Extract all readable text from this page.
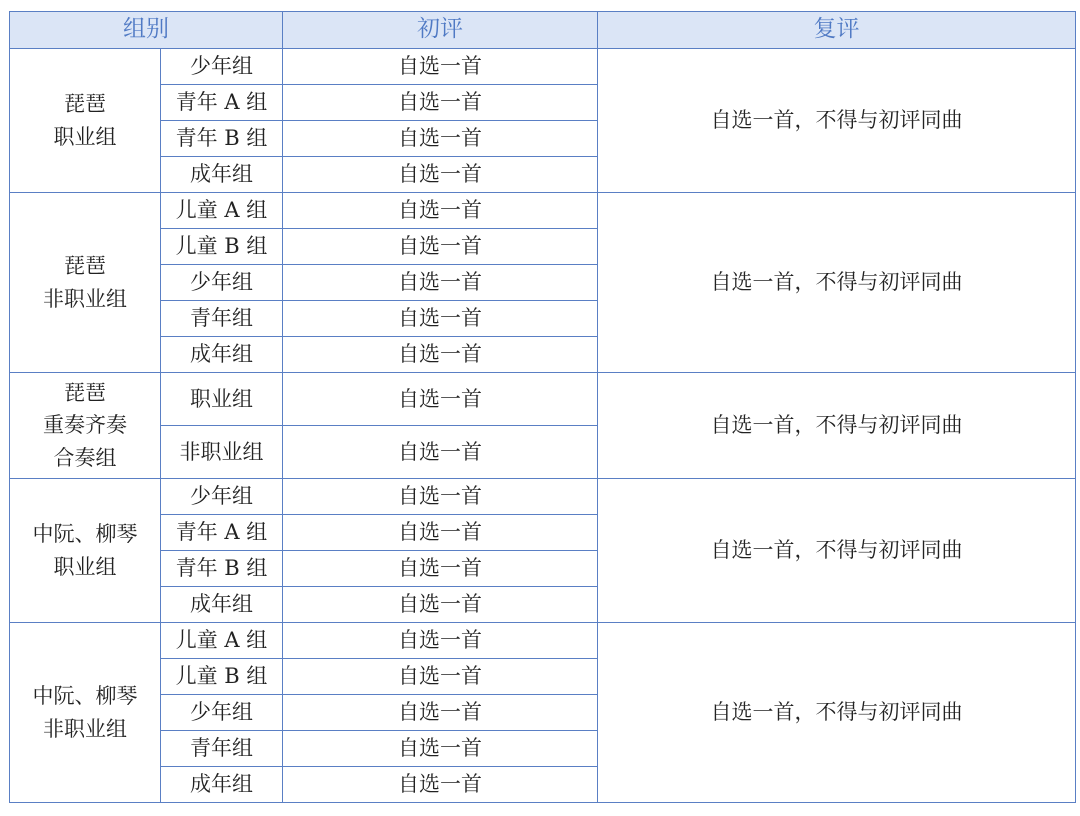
组别		初评	复评

琵琶
职业组	少年组	自选一首	自选一首，不得与初评同曲
	青年 A 组	自选一首	
	青年 B 组	自选一首	
	成年组	自选一首	

琵琶
非职业组	儿童 A 组	自选一首	自选一首，不得与初评同曲
	儿童 B 组	自选一首	
	少年组	自选一首	
	青年组	自选一首	
	成年组	自选一首	

琵琶
重奏齐奏
合奏组	职业组	自选一首	自选一首，不得与初评同曲
	非职业组	自选一首	

中阮、柳琴
职业组	少年组	自选一首	自选一首，不得与初评同曲
	青年 A 组	自选一首	
	青年 B 组	自选一首	
	成年组	自选一首	

中阮、柳琴
非职业组	儿童 A 组	自选一首	自选一首，不得与初评同曲
	儿童 B 组	自选一首	
	少年组	自选一首	
	青年组	自选一首	
	成年组	自选一首	
